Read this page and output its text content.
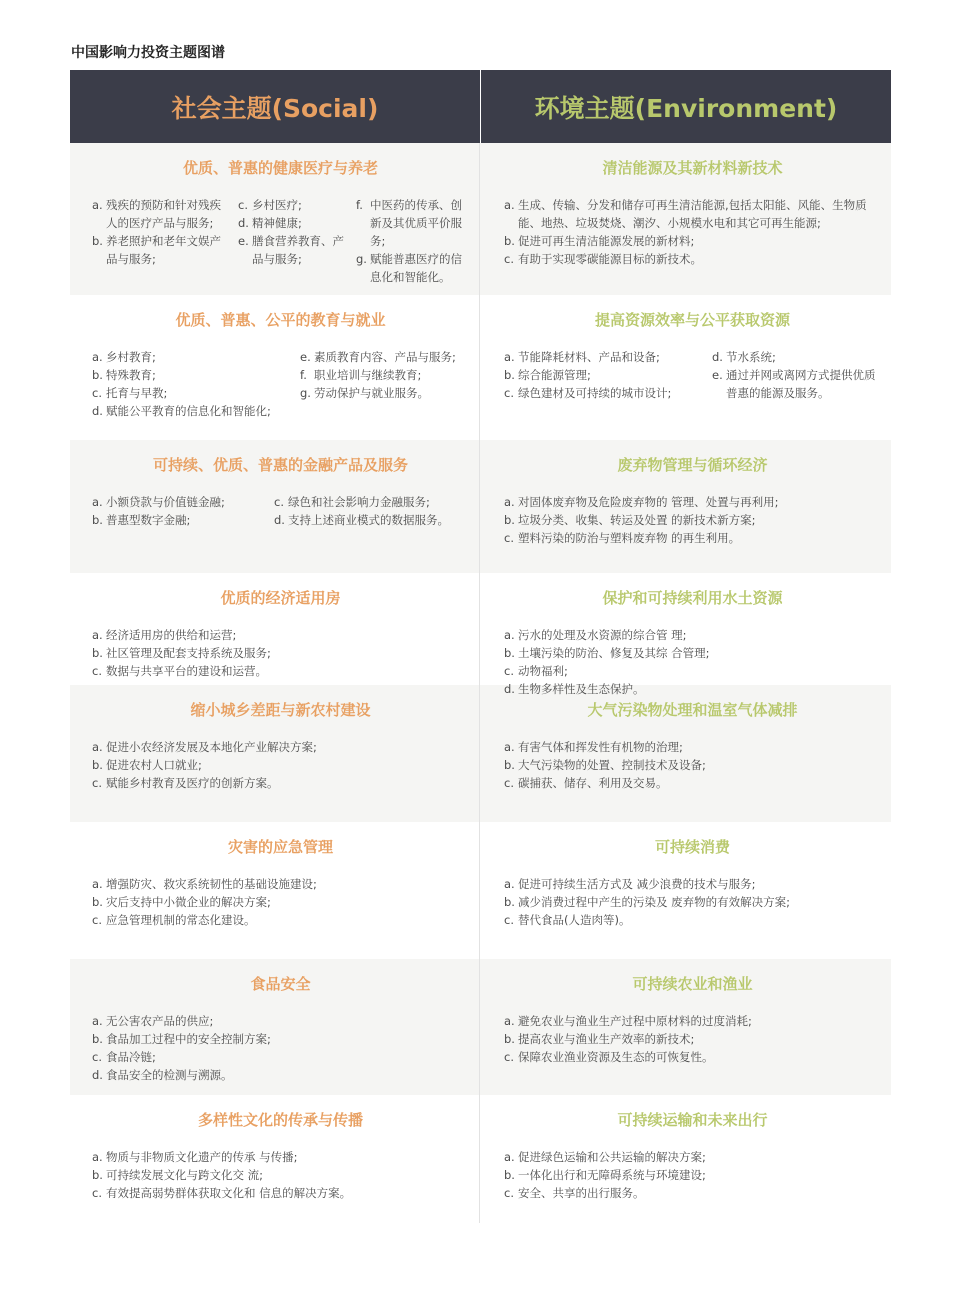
中国影响力投资主题图谱
社会主题(Social)	环境主题(Environment)
优质、普惠的健康医疗与养老
a. 残疾的预防和针对残疾人的医疗产品与服务;
b. 养老照护和老年文娱产品与服务;
c. 乡村医疗;
d. 精神健康;
e. 膳食营养教育、产品与服务;
f. 中医药的传承、创新及其优质平价服务;
g. 赋能普惠医疗的信息化和智能化。
清洁能源及其新材料新技术
a. 生成、传输、分发和储存可再生清洁能源,包括太阳能、风能、生物质能、地热、垃圾焚烧、潮汐、小规模水电和其它可再生能源;
b. 促进可再生清洁能源发展的新材料;
c. 有助于实现零碳能源目标的新技术。
优质、普惠、公平的教育与就业
a. 乡村教育;
b. 特殊教育;
c. 托育与早教;
d. 赋能公平教育的信息化和智能化;
e. 素质教育内容、产品与服务;
f. 职业培训与继续教育;
g. 劳动保护与就业服务。
提高资源效率与公平获取资源
a. 节能降耗材料、产品和设备;
b. 综合能源管理;
c. 绿色建材及可持续的城市设计;
d. 节水系统;
e. 通过并网或离网方式提供优质普惠的能源及服务。
可持续、优质、普惠的金融产品及服务
a. 小额贷款与价值链金融;
b. 普惠型数字金融;
c. 绿色和社会影响力金融服务;
d. 支持上述商业模式的数据服务。
废弃物管理与循环经济
a. 对固体废弃物及危险废弃物的 管理、处置与再利用;
b. 垃圾分类、收集、转运及处置 的新技术新方案;
c. 塑料污染的防治与塑料废弃物 的再生利用。
优质的经济适用房
a. 经济适用房的供给和运营;
b. 社区管理及配套支持系统及服务;
c. 数据与共享平台的建设和运营。
保护和可持续利用水土资源
a. 污水的处理及水资源的综合管 理;
b. 土壤污染的防治、修复及其综 合管理;
c. 动物福利;
d. 生物多样性及生态保护。
缩小城乡差距与新农村建设
a. 促进小农经济发展及本地化产业解决方案;
b. 促进农村人口就业;
c. 赋能乡村教育及医疗的创新方案。
大气污染物处理和温室气体减排
a. 有害气体和挥发性有机物的治理;
b. 大气污染物的处置、控制技术及设备;
c. 碳捕获、储存、利用及交易。
灾害的应急管理
a. 增强防灾、救灾系统韧性的基础设施建设;
b. 灾后支持中小微企业的解决方案;
c. 应急管理机制的常态化建设。
可持续消费
a. 促进可持续生活方式及 减少浪费的技术与服务;
b. 减少消费过程中产生的污染及 废弃物的有效解决方案;
c. 替代食品(人造肉等)。
食品安全
a. 无公害农产品的供应;
b. 食品加工过程中的安全控制方案;
c. 食品冷链;
d. 食品安全的检测与溯源。
可持续农业和渔业
a. 避免农业与渔业生产过程中原材料的过度消耗;
b. 提高农业与渔业生产效率的新技术;
c. 保障农业渔业资源及生态的可恢复性。
多样性文化的传承与传播
a. 物质与非物质文化遗产的传承 与传播;
b. 可持续发展文化与跨文化交 流;
c. 有效提高弱势群体获取文化和 信息的解决方案。
可持续运输和未来出行
a. 促进绿色运输和公共运输的解决方案;
b. 一体化出行和无障碍系统与环境建设;
c. 安全、共享的出行服务。
